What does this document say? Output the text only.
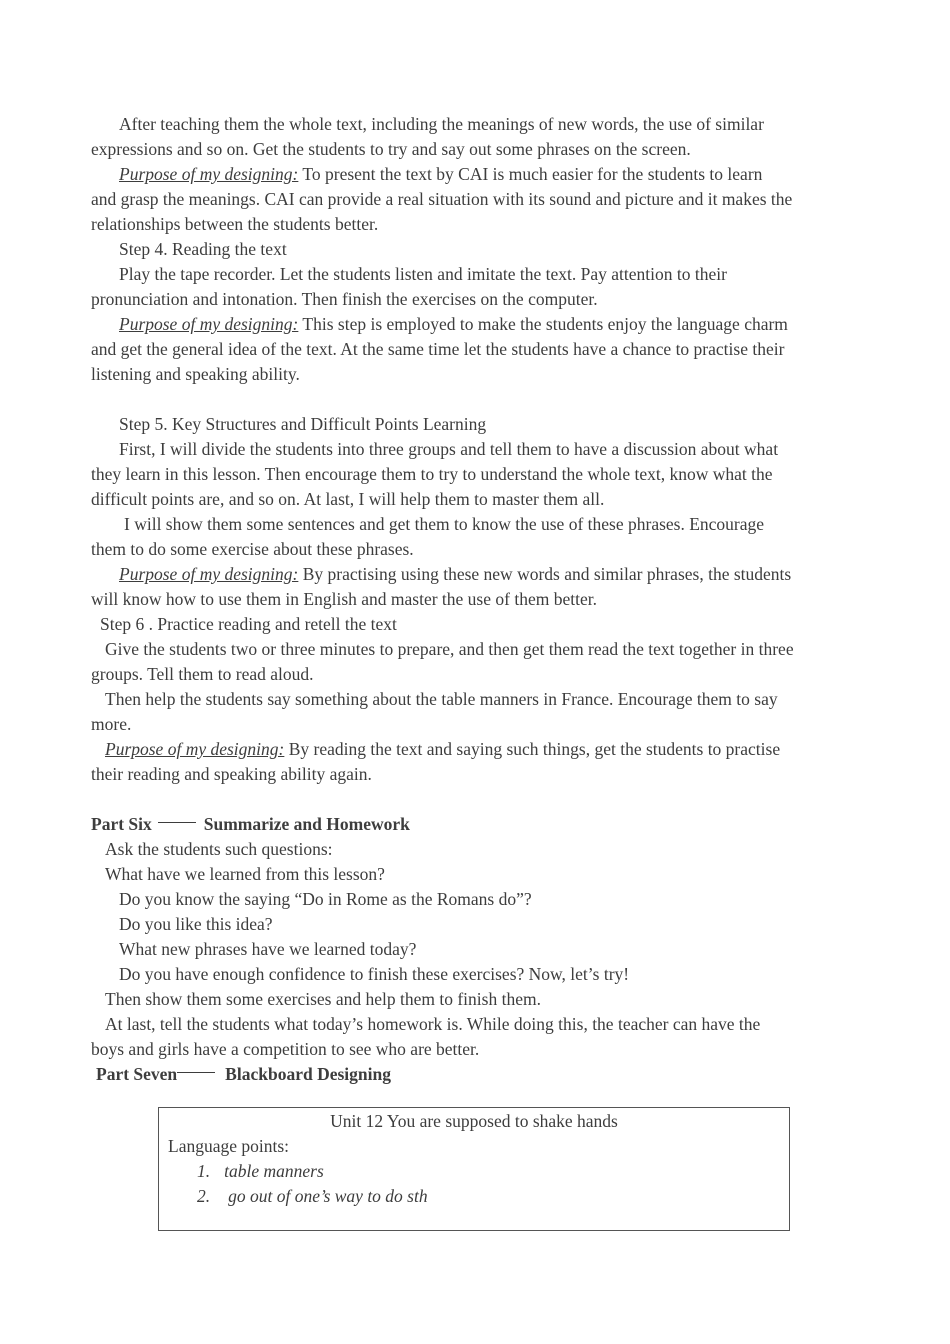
After teaching them the whole text, including the meanings of new words, the use of similar
expressions and so on. Get the students to try and say out some phrases on the screen.
Purpose of my designing: To present the text by CAI is much easier for the students to learn
and grasp the meanings. CAI can provide a real situation with its sound and picture and it makes the
relationships between the students better.
Step 4. Reading the text
Play the tape recorder. Let the students listen and imitate the text. Pay attention to their
pronunciation and intonation. Then finish the exercises on the computer.
Purpose of my designing: This step is employed to make the students enjoy the language charm
and get the general idea of the text. At the same time let the students have a chance to practise their
listening and speaking ability.
Step 5. Key Structures and Difficult Points Learning
First, I will divide the students into three groups and tell them to have a discussion about what
they learn in this lesson. Then encourage them to try to understand the whole text, know what the
difficult points are, and so on. At last, I will help them to master them all.
I will show them some sentences and get them to know the use of these phrases. Encourage
them to do some exercise about these phrases.
Purpose of my designing: By practising using these new words and similar phrases, the students
will know how to use them in English and master the use of them better.
Step 6 . Practice reading and retell the text
Give the students two or three minutes to prepare, and then get them read the text together in three
groups. Tell them to read aloud.
Then help the students say something about the table manners in France. Encourage them to say
more.
Purpose of my designing: By reading the text and saying such things, get the students to practise
their reading and speaking ability again.
Part Six	Summarize and Homework
Ask the students such questions:
What have we learned from this lesson?
Do you know the saying “Do in Rome as the Romans do”?
Do you like this idea?
What new phrases have we learned today?
Do you have enough confidence to finish these exercises? Now, let’s try!
Then show them some exercises and help them to finish them.
At last, tell the students what today’s homework is. While doing this, the teacher can have the
boys and girls have a competition to see who are better.
Part Seven	Blackboard Designing
Unit 12 You are supposed to shake hands
Language points:
1. table manners
2. go out of one’s way to do sth
